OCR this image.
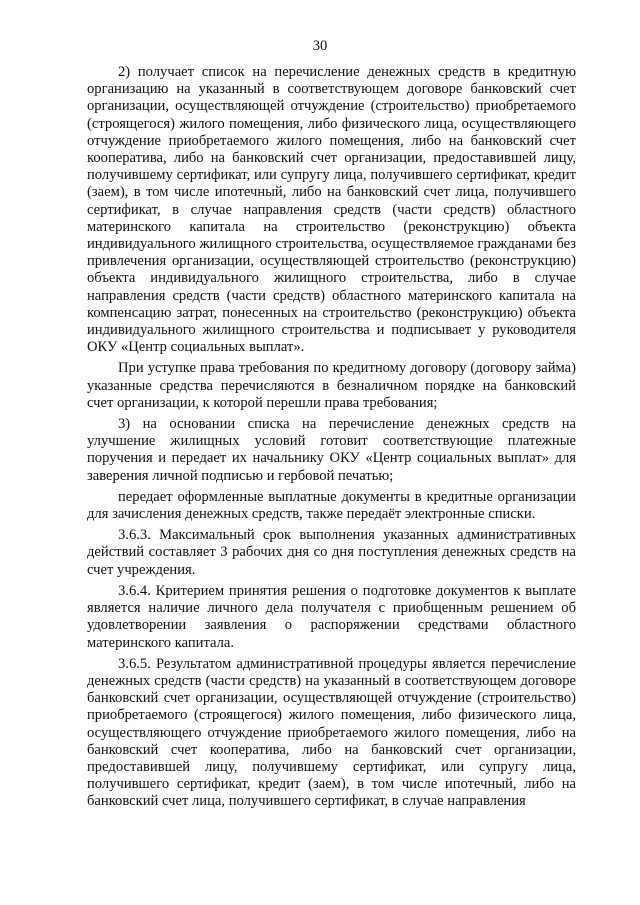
30

2) получает список на перечисление денежных средств в кредитную организацию на указанный в соответствующем договоре банковский счет организации, осуществляющей отчуждение (строительство) приобретаемого (строящегося) жилого помещения, либо физического лица, осуществляющего отчуждение приобретаемого жилого помещения, либо на банковский счет кооператива, либо на банковский счет организации, предоставившей лицу, получившему сертификат, или супругу лица, получившего сертификат, кредит (заем), в том числе ипотечный, либо на банковский счет лица, получившего сертификат, в случае направления средств (части средств) областного материнского капитала на строительство (реконструкцию) объекта индивидуального жилищного строительства, осуществляемое гражданами без привлечения организации, осуществляющей строительство (реконструкцию) объекта индивидуального жилищного строительства, либо в случае направления средств (части средств) областного материнского капитала на компенсацию затрат, понесенных на строительство (реконструкцию) объекта индивидуального жилищного строительства и подписывает у руководителя ОКУ «Центр социальных выплат».

При уступке права требования по кредитному договору (договору займа) указанные средства перечисляются в безналичном порядке на банковский счет организации, к которой перешли права требования;

3) на основании списка на перечисление денежных средств на улучшение жилищных условий готовит соответствующие платежные поручения и передает их начальнику ОКУ «Центр социальных выплат» для заверения личной подписью и гербовой печатью;

передает оформленные выплатные документы в кредитные организации для зачисления денежных средств, также передаёт электронные списки.

3.6.3. Максимальный срок выполнения указанных административных действий составляет 3 рабочих дня со дня поступления денежных средств на счет учреждения.

3.6.4. Критерием принятия решения о подготовке документов к выплате является наличие личного дела получателя с приобщенным решением об удовлетворении заявления о распоряжении средствами областного материнского капитала.

3.6.5. Результатом административной процедуры является перечисление денежных средств (части средств) на указанный в соответствующем договоре банковский счет организации, осуществляющей отчуждение (строительство) приобретаемого (строящегося) жилого помещения, либо физического лица, осуществляющего отчуждение приобретаемого жилого помещения, либо на банковский счет кооператива, либо на банковский счет организации, предоставившей лицу, получившему сертификат, или супругу лица, получившего сертификат, кредит (заем), в том числе ипотечный, либо на банковский счет лица, получившего сертификат, в случае направления
